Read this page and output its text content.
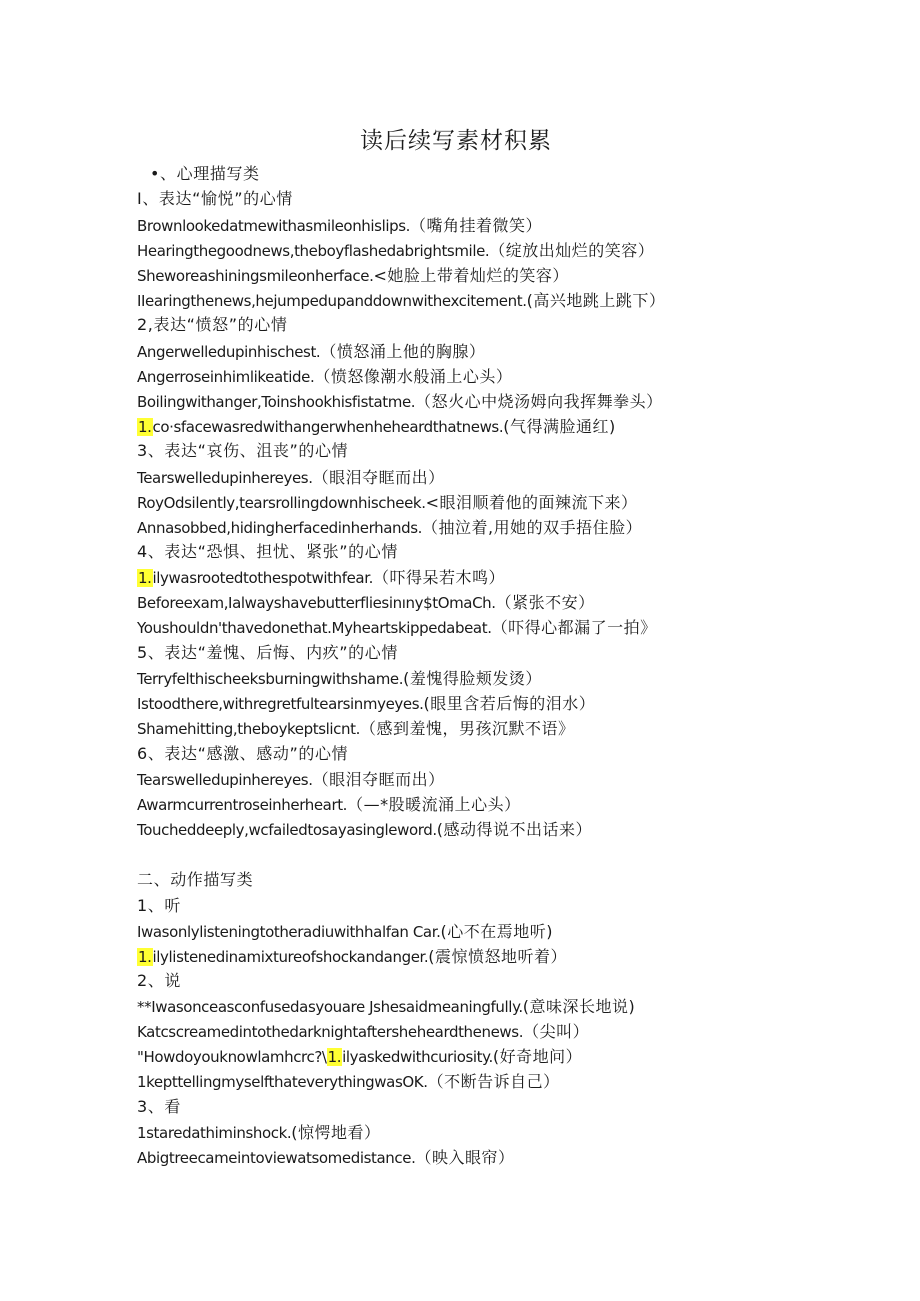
读后续写素材积累
•、心理描写类
I、表达“愉悦”的心情
Brownlookedatmewithasmileonhislips.（嘴角挂着微笑）
Hearingthegoodnews,theboyflashedabrightsmile.（绽放出灿烂的笑容）
Sheworeashiningsmileonherface.<她脸上带着灿烂的笑容）
IIearingthenews,hejumpedupanddownwithexcitement.(高兴地跳上跳下）
2,表达“愤怒”的心情
Angerwelledupinhischest.（愤怒涌上他的胸腺）
Angerroseinhimlikeatide.（愤怒像潮水般涌上心头）
Boilingwithanger,Toinshookhisfistatme.（怒火心中烧汤姆向我挥舞拳头）
1.co·sfacewasredwithangerwhenheheardthatnews.(气得满脸通红)
3、表达“哀伤、沮丧”的心情
Tearswelledupinhereyes.（眼泪夺眶而出）
RoyOdsilently,tearsrollingdownhischeek.<眼泪顺着他的面辣流下来）
Annasobbed,hidingherfacedinherhands.（抽泣着,用她的双手捂住脸）
4、表达“恐惧、担忧、紧张”的心情
1.ilywasrootedtothespotwithfear.（吓得呆若木鸣）
Beforeexam,Ialwayshavebutterfliesinıny$tOmaCh.（紧张不安）
Youshouldn'thavedonethat.Myheartskippedabeat.（吓得心都漏了一拍》
5、表达“羞愧、后悔、内疚”的心情
Terryfelthischeeksburningwithshame.(羞愧得脸颊发烫）
Istoodthere,withregretfultearsinmyeyes.(眼里含若后悔的泪水）
Shamehitting,theboykeptslicnt.（感到羞愧，男孩沉默不语》
6、表达“感激、感动”的心情
Tearswelledupinhereyes.（眼泪夺眶而出）
Awarmcurrentroseinherheart.（—*股暖流涌上心头）
Toucheddeeply,wcfailedtosayasingleword.(感动得说不出话来）
二、动作描写类
1、听
Iwasonlylisteningtotheradiuwithhalfan Car.(心不在焉地听)
1.ilylistenedinamixtureofshockandanger.(震惊愤怒地听着）
2、说
**Iwasonceasconfusedasyouare Jshesaidmeaningfully.(意味深长地说)
Katcscreamedintothedarknightaftersheheardthenews.（尖叫）
"Howdoyouknowlamhcrc?\1.ilyaskedwithcuriosity.(好奇地问）
1kepttellingmyselfthateverythingwasOK.（不断告诉自己）
3、看
1staredathiminshock.(惊愕地看）
Abigtreecameintoviewatsomedistance.（映入眼帘）
